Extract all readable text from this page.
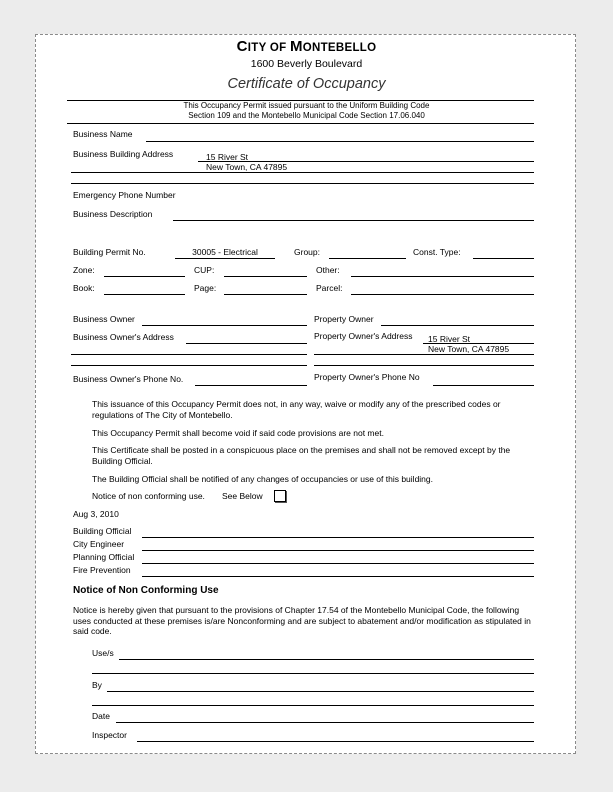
CITY OF MONTEBELLO
1600 Beverly Boulevard
Certificate of Occupancy
This Occupancy Permit issued pursuant to the Uniform Building Code
Section 109 and the Montebello Municipal Code Section 17.06.040
Business Name
Business Building Address	15 River St
New Town, CA 47895
Emergency Phone Number
Business Description
Building Permit No.	30005 - Electrical	Group:	Const. Type:
Zone:	CUP:	Other:
Book:	Page:	Parcel:
Business Owner	Property Owner
Business Owner's Address	Property Owner's Address 15 River St
New Town, CA 47895
Business Owner's Phone No.	Property Owner's Phone No
This issuance of this Occupancy Permit does not, in any way, waive or modify any of the prescribed codes or regulations of The City of Montebello.
This Occupancy Permit shall become void if said code provisions are not met.
This Certificate shall be posted in a conspicuous place on the premises and shall not be removed except by the Building Official.
The Building Official shall be notified of any changes of occupancies or use of this building.
Notice of non conforming use. See Below
Aug 3, 2010
Building Official
City Engineer
Planning Official
Fire Prevention
Notice of Non Conforming Use
Notice is hereby given that pursuant to the provisions of Chapter 17.54 of the Montebello Municipal Code, the following uses conducted at these premises is/are Nonconforming and are subject to abatement and/or modification as stipulated in said code.
Use/s
By
Date
Inspector
